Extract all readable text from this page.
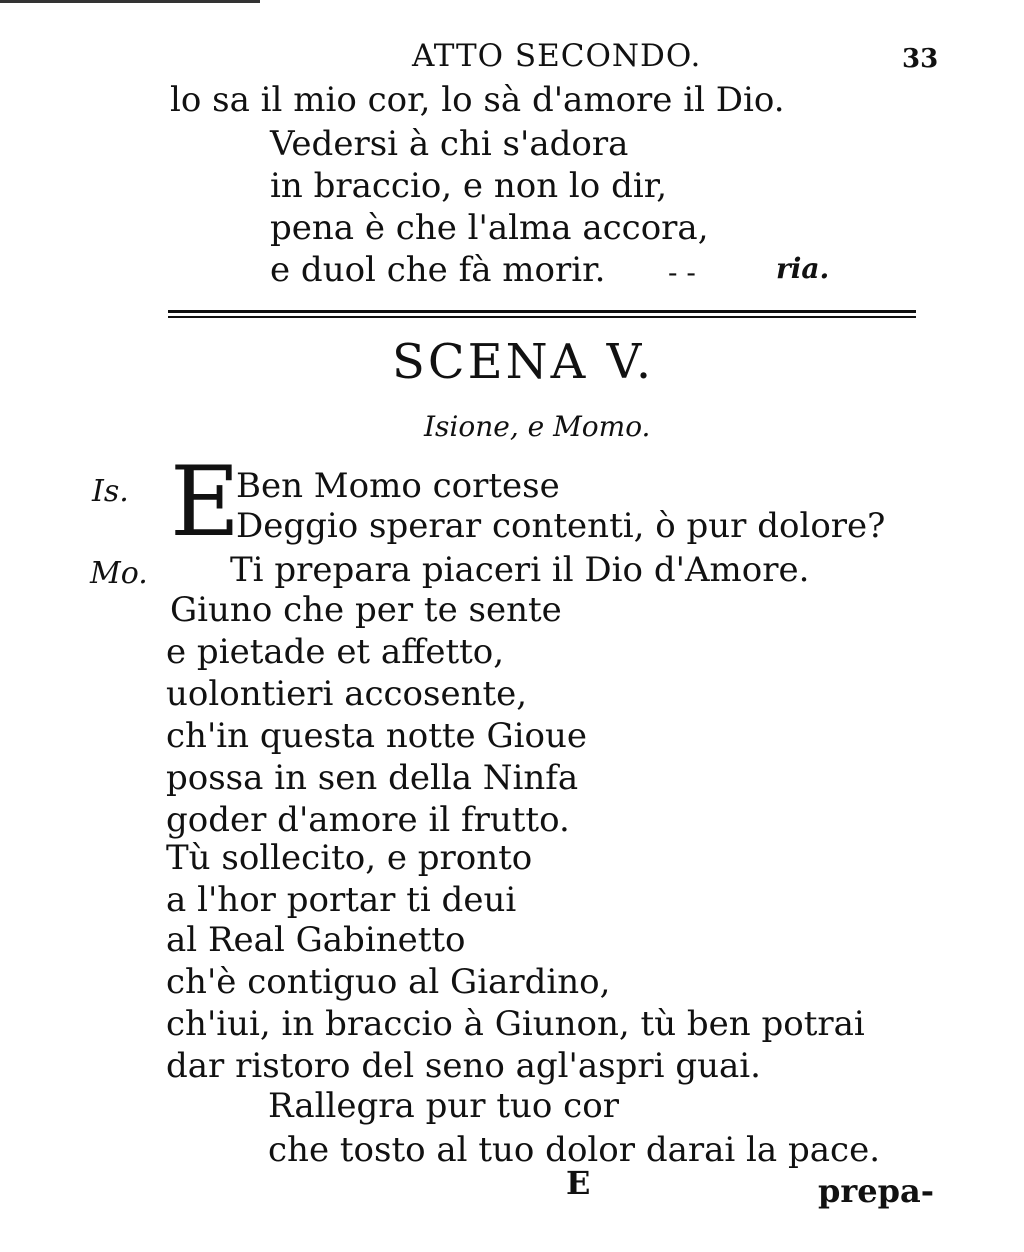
ATTO SECONDO.	33
lo sa il mio cor, lo sà d'amore il Dio.
Vedersi à chi s'adora
in braccio, e non lo dir,
pena è che l'alma accora,
e duol che fà morir. - -	ria.
SCENA V.
Isione, e Momo.
Is. E
Ben Momo cortese
Deggio sperar contenti, ò pur dolore?
Mo. Ti prepara piaceri il Dio d'Amore.
Giuno che per te sente
e pietade et affetto,
uolontieri accosente,
ch'in questa notte Gioue
possa in sen della Ninfa
goder d'amore il frutto.
Tù sollecito, e pronto
a l'hor portar ti deui
al Real Gabinetto
ch'è contiguo al Giardino,
ch'iui, in braccio à Giunon, tù ben potrai
dar ristoro del seno agl'aspri guai.
Rallegra pur tuo cor
che tosto al tuo dolor darai la pace.
E	prepa-
